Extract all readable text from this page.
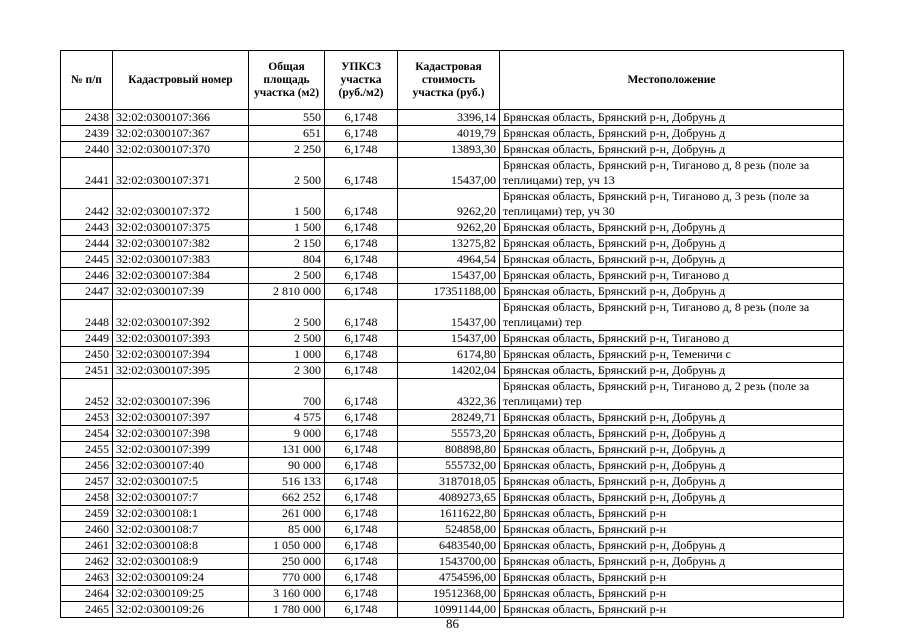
№ п/п	Кадастровый номер	Общая площадь участка (м2)	УПКСЗ участка (руб./м2)	Кадастровая стоимость участка (руб.)	Местоположение
2438	32:02:0300107:366	550	6,1748	3396,14	Брянская область, Брянский р-н, Добрунь д
2439	32:02:0300107:367	651	6,1748	4019,79	Брянская область, Брянский р-н, Добрунь д
2440	32:02:0300107:370	2 250	6,1748	13893,30	Брянская область, Брянский р-н, Добрунь д
2441	32:02:0300107:371	2 500	6,1748	15437,00	Брянская область, Брянский р-н, Тиганово д, 8 резь (поле за теплицами) тер, уч 13
2442	32:02:0300107:372	1 500	6,1748	9262,20	Брянская область, Брянский р-н, Тиганово д, 3 резь (поле за теплицами) тер, уч 30
2443	32:02:0300107:375	1 500	6,1748	9262,20	Брянская область, Брянский р-н, Добрунь д
2444	32:02:0300107:382	2 150	6,1748	13275,82	Брянская область, Брянский р-н, Добрунь д
2445	32:02:0300107:383	804	6,1748	4964,54	Брянская область, Брянский р-н, Добрунь д
2446	32:02:0300107:384	2 500	6,1748	15437,00	Брянская область, Брянский р-н, Тиганово д
2447	32:02:0300107:39	2 810 000	6,1748	17351188,00	Брянская область, Брянский р-н, Добрунь д
2448	32:02:0300107:392	2 500	6,1748	15437,00	Брянская область, Брянский р-н, Тиганово д, 8 резь (поле за теплицами) тер
2449	32:02:0300107:393	2 500	6,1748	15437,00	Брянская область, Брянский р-н, Тиганово д
2450	32:02:0300107:394	1 000	6,1748	6174,80	Брянская область, Брянский р-н, Теменичи с
2451	32:02:0300107:395	2 300	6,1748	14202,04	Брянская область, Брянский р-н, Добрунь д
2452	32:02:0300107:396	700	6,1748	4322,36	Брянская область, Брянский р-н, Тиганово д, 2 резь (поле за теплицами) тер
2453	32:02:0300107:397	4 575	6,1748	28249,71	Брянская область, Брянский р-н, Добрунь д
2454	32:02:0300107:398	9 000	6,1748	55573,20	Брянская область, Брянский р-н, Добрунь д
2455	32:02:0300107:399	131 000	6,1748	808898,80	Брянская область, Брянский р-н, Добрунь д
2456	32:02:0300107:40	90 000	6,1748	555732,00	Брянская область, Брянский р-н, Добрунь д
2457	32:02:0300107:5	516 133	6,1748	3187018,05	Брянская область, Брянский р-н, Добрунь д
2458	32:02:0300107:7	662 252	6,1748	4089273,65	Брянская область, Брянский р-н, Добрунь д
2459	32:02:0300108:1	261 000	6,1748	1611622,80	Брянская область, Брянский р-н
2460	32:02:0300108:7	85 000	6,1748	524858,00	Брянская область, Брянский р-н
2461	32:02:0300108:8	1 050 000	6,1748	6483540,00	Брянская область, Брянский р-н, Добрунь д
2462	32:02:0300108:9	250 000	6,1748	1543700,00	Брянская область, Брянский р-н, Добрунь д
2463	32:02:0300109:24	770 000	6,1748	4754596,00	Брянская область, Брянский р-н
2464	32:02:0300109:25	3 160 000	6,1748	19512368,00	Брянская область, Брянский р-н
2465	32:02:0300109:26	1 780 000	6,1748	10991144,00	Брянская область, Брянский р-н
86
